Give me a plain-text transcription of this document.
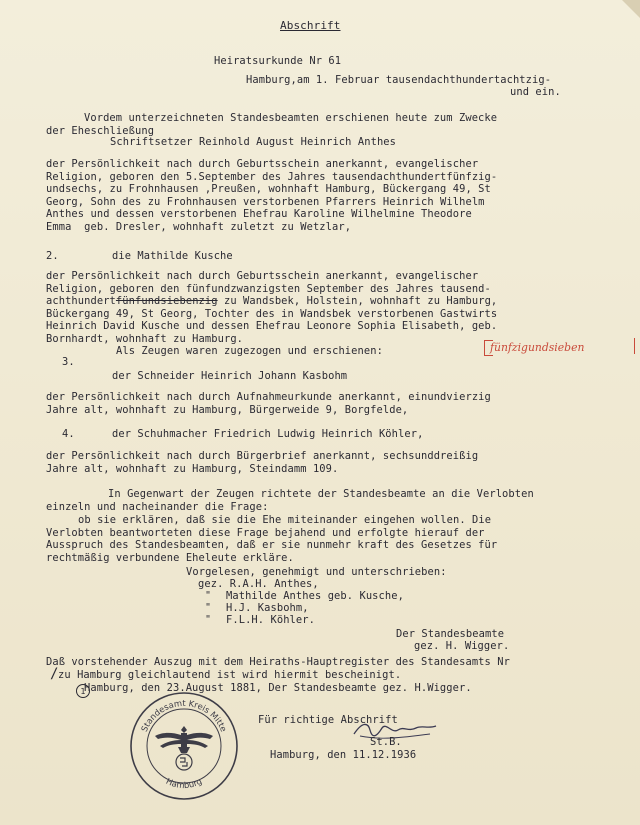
Abschrift
Heiratsurkunde Nr 61
Hamburg,am 1. Februar tausendachthundertachtzig-
und ein.
Vordem unterzeichneten Standesbeamten erschienen heute zum Zwecke
der Eheschließung
Schriftsetzer Reinhold August Heinrich Anthes
der Persönlichkeit nach durch Geburtsschein anerkannt, evangelischer
Religion, geboren den 5.September des Jahres tausendachthundertfünfzig-
undsechs, zu Frohnhausen ,Preußen, wohnhaft Hamburg, Bückergang 49, St
Georg, Sohn des zu Frohnhausen verstorbenen Pfarrers Heinrich Wilhelm
Anthes und dessen verstorbenen Ehefrau Karoline Wilhelmine Theodore
Emma  geb. Dresler, wohnhaft zuletzt zu Wetzlar,
2.	die Mathilde Kusche
der Persönlichkeit nach durch Geburtsschein anerkannt, evangelischer
Religion, geboren den fünfundzwanzigsten September des Jahres tausend-
achthundertfünfundsiebenzig zu Wandsbek, Holstein, wohnhaft zu Hamburg,
Bückergang 49, St Georg, Tochter des in Wandsbek verstorbenen Gastwirts
Heinrich David Kusche und dessen Ehefrau Leonore Sophia Elisabeth, geb.
Bornhardt, wohnhaft zu Hamburg.
Als Zeugen waren zugezogen und erschienen:	fünfzigundsieben
3.
der Schneider Heinrich Johann Kasbohm
der Persönlichkeit nach durch Aufnahmeurkunde anerkannt, einundvierzig
Jahre alt, wohnhaft zu Hamburg, Bürgerweide 9, Borgfelde,
4.	der Schuhmacher Friedrich Ludwig Heinrich Köhler,
der Persönlichkeit nach durch Bürgerbrief anerkannt, sechsunddreißig
Jahre alt, wohnhaft zu Hamburg, Steindamm 109.
In Gegenwart der Zeugen richtete der Standesbeamte an die Verlobten
einzeln und nacheinander die Frage:
ob sie erklären, daß sie die Ehe miteinander eingehen wollen. Die
Verlobten beantworteten diese Frage bejahend und erfolgte hierauf der
Ausspruch des Standesbeamten, daß er sie nunmehr kraft des Gesetzes für
rechtmäßig verbundene Eheleute erkläre.
Vorgelesen, genehmigt und unterschrieben:
gez. R.A.H. Anthes,
Mathilde Anthes geb. Kusche,
H.J. Kasbohm,
F.L.H. Köhler.
"
"
"
Der Standesbeamte
gez. H. Wigger.
Daß vorstehender Auszug mit dem Heiraths-Hauptregister des Standesamts Nr
zu Hamburg gleichlautend ist wird hiermit bescheinigt.
/
1
Hamburg, den 23.August 1881, Der Standesbeamte gez. H.Wigger.
Standesamt Kreis Mitte
Hamburg
Für richtige Abschrift
St.B.
Hamburg, den 11.12.1936
